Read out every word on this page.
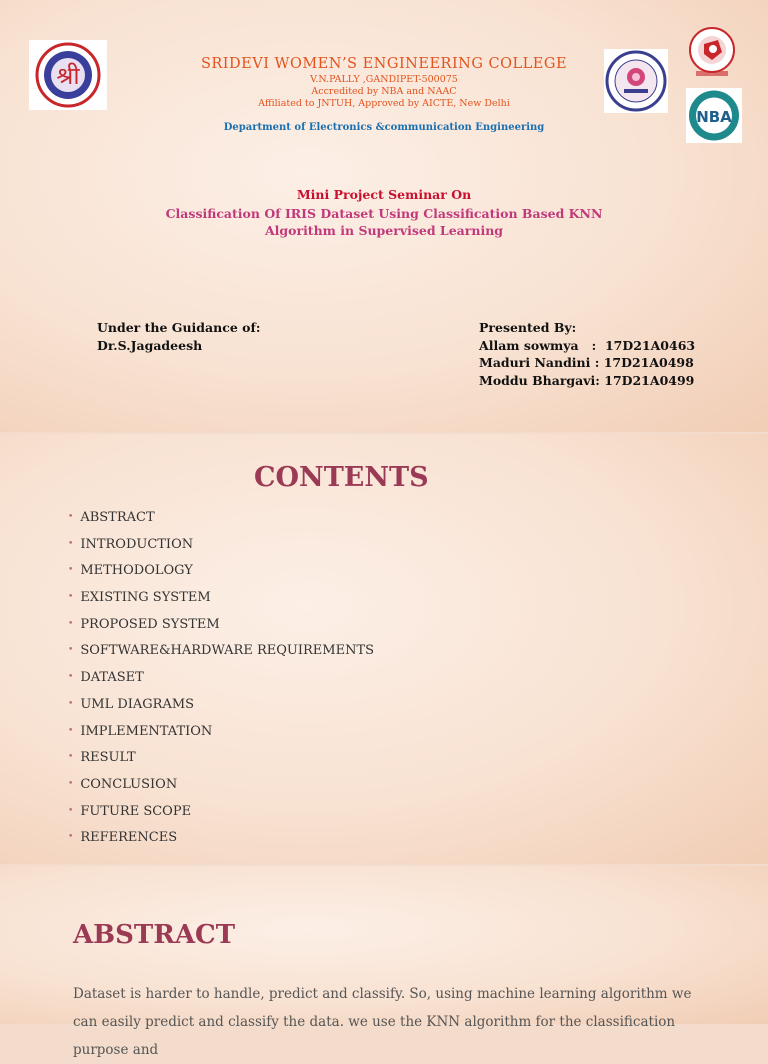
श्री	SRIDEVI WOMEN’S ENGINEERING COLLEGE
V.N.PALLY ,GANDIPET-500075
Accredited by NBA and NAAC
Affiliated to JNTUH, Approved by AICTE, New Delhi
Department of Electronics &communication Engineering
NBA
Mini Project Seminar On
Classification Of IRIS Dataset Using Classification Based KNN
Algorithm in Supervised Learning
Under the Guidance of:
Dr.S.Jagadeesh
Presented By:
Allam sowmya   :  17D21A0463
Maduri Nandini : 17D21A0498
Moddu Bhargavi: 17D21A0499
CONTENTS
• ABSTRACT
• INTRODUCTION
• METHODOLOGY
• EXISTING SYSTEM
• PROPOSED SYSTEM
• SOFTWARE&HARDWARE REQUIREMENTS
• DATASET
• UML DIAGRAMS
• IMPLEMENTATION
• RESULT
• CONCLUSION
• FUTURE SCOPE
• REFERENCES
ABSTRACT
Dataset is harder to handle, predict and classify. So, using machine learning algorithm we can easily predict and classify the data. we use the KNN algorithm for the classification purpose and
